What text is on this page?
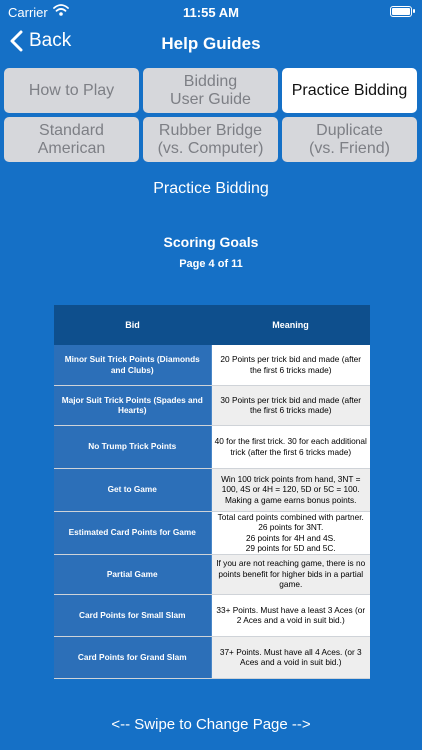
Carrier	11:55 AM
Back	Help Guides
How to Play
Bidding
User Guide
Practice Bidding
Standard
American
Rubber Bridge
(vs. Computer)
Duplicate
(vs. Friend)
Practice Bidding
Scoring Goals
Page 4 of 11
Bid	Meaning
Minor Suit Trick Points (Diamonds and Clubs)	20 Points per trick bid and made (after the first 6 tricks made)
Major Suit Trick Points (Spades and Hearts)	30 Points per trick bid and made (after the first 6 tricks made)
No Trump Trick Points	40 for the first trick. 30 for each additional trick (after the first 6 tricks made)
Get to Game	Win 100 trick points from hand, 3NT = 100, 4S or 4H = 120, 5D or 5C = 100. Making a game earns bonus points.
Estimated Card Points for Game	Total card points combined with partner.
26 points for 3NT.
26 points for 4H and 4S.
29 points for 5D and 5C.
Partial Game	If you are not reaching game, there is no points benefit for higher bids in a partial game.
Card Points for Small Slam	33+ Points. Must have a least 3 Aces (or 2 Aces and a void in suit bid.)
Card Points for Grand Slam	37+ Points. Must have all 4 Aces. (or 3 Aces and a void in suit bid.)
<-- Swipe to Change Page -->
